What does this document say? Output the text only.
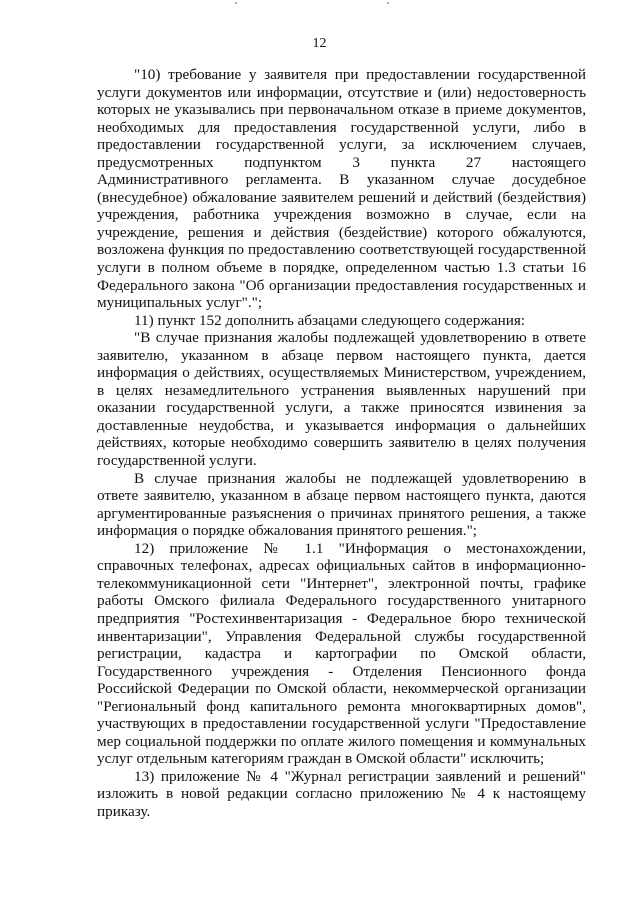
12

"10) требование у заявителя при предоставлении государственной услуги документов или информации, отсутствие и (или) недостоверность которых не указывались при первоначальном отказе в приеме документов, необходимых для предоставления государственной услуги, либо в предоставлении государственной услуги, за исключением случаев, предусмотренных подпунктом 3 пункта 27 настоящего Административного регламента. В указанном случае досудебное (внесудебное) обжалование заявителем решений и действий (бездействия) учреждения, работника учреждения возможно в случае, если на учреждение, решения и действия (бездействие) которого обжалуются, возложена функция по предоставлению соответствующей государственной услуги в полном объеме в порядке, определенном частью 1.3 статьи 16 Федерального закона "Об организации предоставления государственных и муниципальных услуг".";

11) пункт 152 дополнить абзацами следующего содержания:

"В случае признания жалобы подлежащей удовлетворению в ответе заявителю, указанном в абзаце первом настоящего пункта, дается информация о действиях, осуществляемых Министерством, учреждением, в целях незамедлительного устранения выявленных нарушений при оказании государственной услуги, а также приносятся извинения за доставленные неудобства, и указывается информация о дальнейших действиях, которые необходимо совершить заявителю в целях получения государственной услуги.

В случае признания жалобы не подлежащей удовлетворению в ответе заявителю, указанном в абзаце первом настоящего пункта, даются аргументированные разъяснения о причинах принятого решения, а также информация о порядке обжалования принятого решения.";

12) приложение № 1.1 "Информация о местонахождении, справочных телефонах, адресах официальных сайтов в информационно-телекоммуникационной сети "Интернет", электронной почты, графике работы Омского филиала Федерального государственного унитарного предприятия "Ростехинвентаризация - Федеральное бюро технической инвентаризации", Управления Федеральной службы государственной регистрации, кадастра и картографии по Омской области, Государственного учреждения - Отделения Пенсионного фонда Российской Федерации по Омской области, некоммерческой организации "Региональный фонд капитального ремонта многоквартирных домов", участвующих в предоставлении государственной услуги "Предоставление мер социальной поддержки по оплате жилого помещения и коммунальных услуг отдельным категориям граждан в Омской области" исключить;

13) приложение № 4 "Журнал регистрации заявлений и решений" изложить в новой редакции согласно приложению № 4 к настоящему приказу.
